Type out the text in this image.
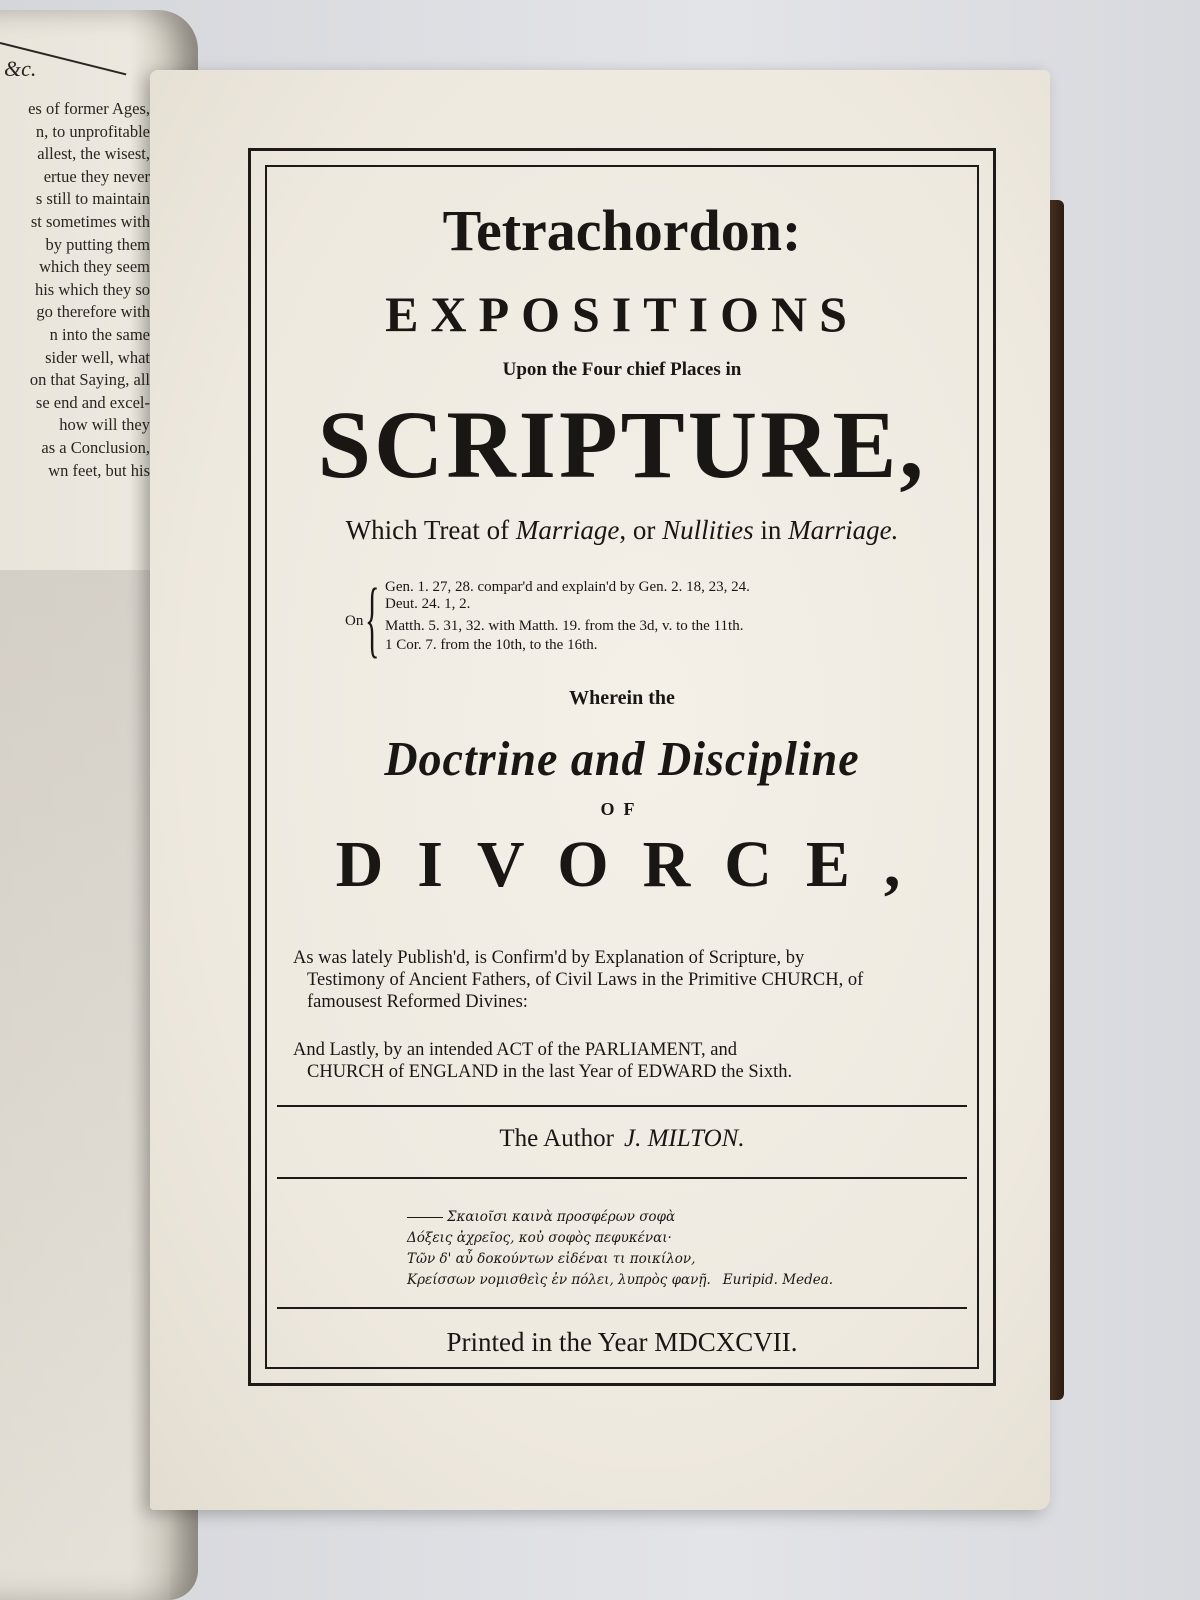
&c.
es of former Ages,
n, to unprofitable
allest, the wisest,
ertue they never
s still to maintain
st sometimes with
by putting them
which they seem
his which they so
go therefore with
n into the same
sider well, what
on that Saying, all
se end and excel-
how will they
as a Conclusion,
wn feet, but his
Tetrachordon:
EXPOSITIONS
Upon the Four chief Places in
SCRIPTURE,
Which Treat of Marriage, or Nullities in Marriage.
On { Gen. 1. 27, 28. compar'd and explain'd by Gen. 2. 18, 23, 24.
Deut. 24. 1, 2.
Matth. 5. 31, 32. with Matth. 19. from the 3d, v. to the 11th.
1 Cor. 7. from the 10th, to the 16th.
Wherein the
Doctrine and Discipline
OF
DIVORCE,
As was lately Publish'd, is Confirm'd by Explanation of Scripture, by
Testimony of Ancient Fathers, of Civil Laws in the Primitive CHURCH, of
famousest Reformed Divines:
And Lastly, by an intended ACT of the PARLIAMENT, and
CHURCH of ENGLAND in the last Year of EDWARD the Sixth.
The Author J. MILTON.
Σκαιοῖσι καινὰ προσφέρων σοφὰ
Δόξεις ἀχρεῖος, κοὐ σοφὸς πεφυκέναι·
Τῶν δ' αὖ δοκούντων εἰδέναι τι ποικίλον,
Κρείσσων νομισθεὶς ἐν πόλει, λυπρὸς φανῇ. Euripid. Medea.
Printed in the Year MDCXCVII.
